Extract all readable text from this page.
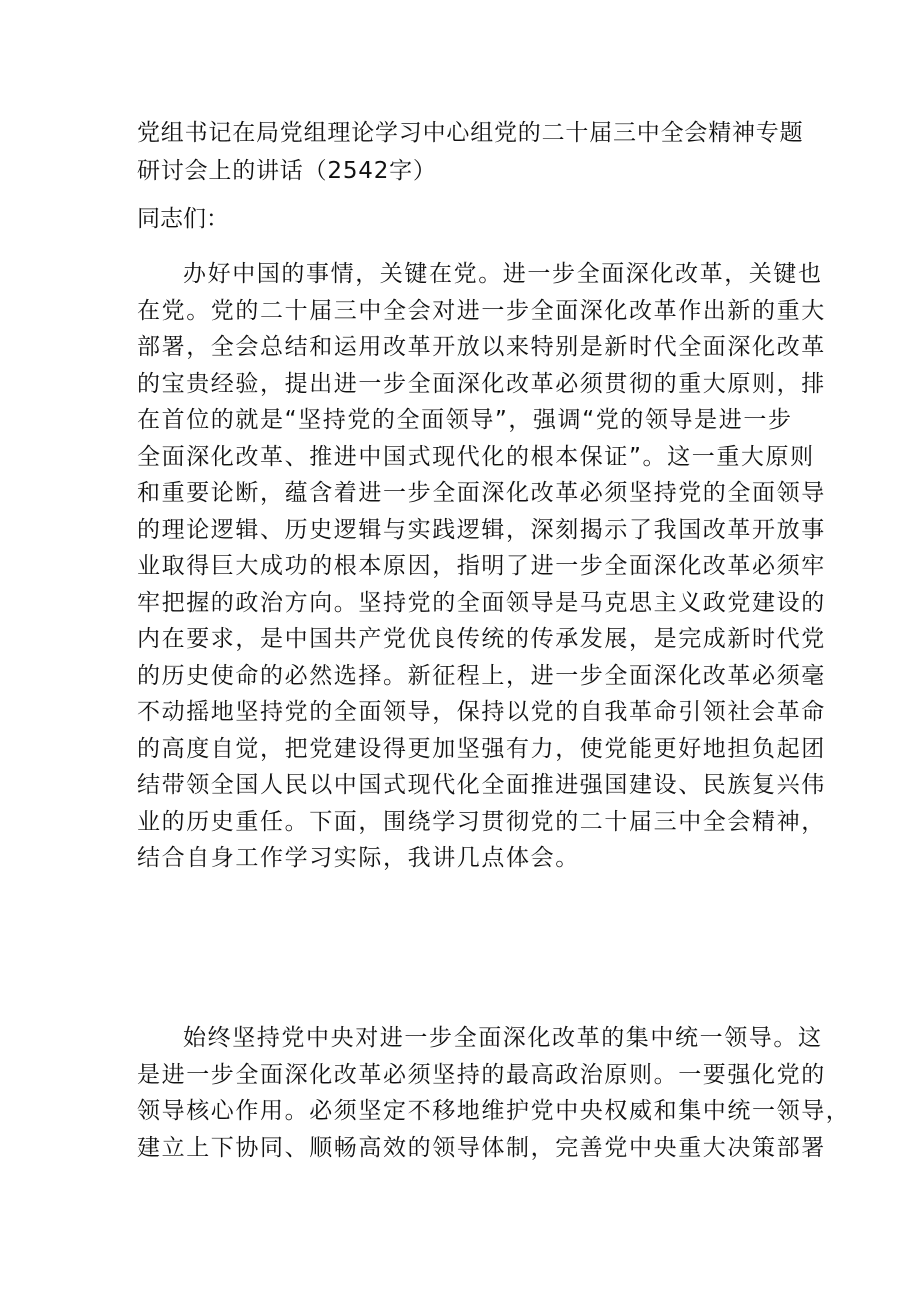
党组书记在局党组理论学习中心组党的二十届三中全会精神专题
研讨会上的讲话（2542字）

同志们：

办好中国的事情，关键在党。进一步全面深化改革，关键也
在党。党的二十届三中全会对进一步全面深化改革作出新的重大
部署，全会总结和运用改革开放以来特别是新时代全面深化改革
的宝贵经验，提出进一步全面深化改革必须贯彻的重大原则，排
在首位的就是“坚持党的全面领导”，强调“党的领导是进一步
全面深化改革、推进中国式现代化的根本保证”。这一重大原则
和重要论断，蕴含着进一步全面深化改革必须坚持党的全面领导
的理论逻辑、历史逻辑与实践逻辑，深刻揭示了我国改革开放事
业取得巨大成功的根本原因，指明了进一步全面深化改革必须牢
牢把握的政治方向。坚持党的全面领导是马克思主义政党建设的
内在要求，是中国共产党优良传统的传承发展，是完成新时代党
的历史使命的必然选择。新征程上，进一步全面深化改革必须毫
不动摇地坚持党的全面领导，保持以党的自我革命引领社会革命
的高度自觉，把党建设得更加坚强有力，使党能更好地担负起团
结带领全国人民以中国式现代化全面推进强国建设、民族复兴伟
业的历史重任。下面，围绕学习贯彻党的二十届三中全会精神，
结合自身工作学习实际，我讲几点体会。

始终坚持党中央对进一步全面深化改革的集中统一领导。这
是进一步全面深化改革必须坚持的最高政治原则。一要强化党的
领导核心作用。必须坚定不移地维护党中央权威和集中统一领导，
建立上下协同、顺畅高效的领导体制，完善党中央重大决策部署
